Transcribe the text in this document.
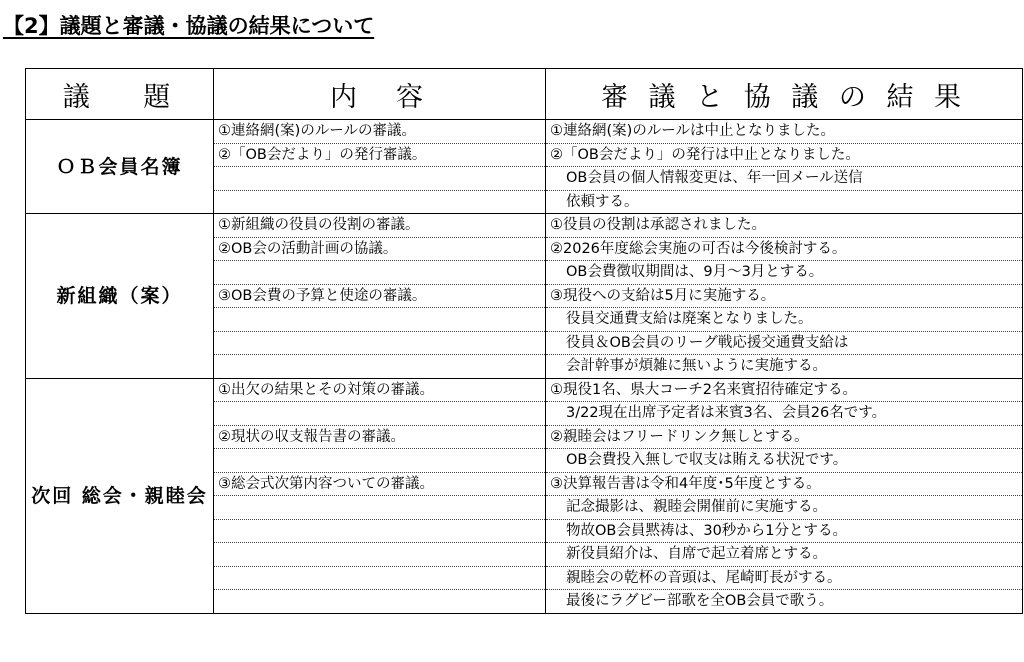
【2】議題と審議・協議の結果について
議　 題	内　容	審 議 と 協 議 の 結 果
ＯＢ会員名簿	①連絡網(案)のルールの審議。	①連絡網(案)のルールは中止となりました。
	②「OB会だより」の発行審議。	②「OB会だより」の発行は中止となりました。
		OB会員の個人情報変更は、年一回メール送信
		依頼する。
新組織（案）	①新組織の役員の役割の審議。	①役員の役割は承認されました。
	②OB会の活動計画の協議。	②2026年度総会実施の可否は今後検討する。
		OB会費徴収期間は、9月～3月とする。
	③OB会費の予算と使途の審議。	③現役への支給は5月に実施する。
		役員交通費支給は廃案となりました。
		役員＆OB会員のリーグ戦応援交通費支給は
		会計幹事が煩雑に無いように実施する。
次回 総会・親睦会	①出欠の結果とその対策の審議。	①現役1名、県大コーチ2名来賓招待確定する。
		3/22現在出席予定者は来賓3名、会員26名です。
	②現状の収支報告書の審議。	②親睦会はフリードリンク無しとする。
		OB会費投入無しで収支は賄える状況です。
	③総会式次第内容ついての審議。	③決算報告書は令和4年度･5年度とする。
		記念撮影は、親睦会開催前に実施する。
		物故OB会員黙祷は、30秒から1分とする。
		新役員紹介は、自席で起立着席とする。
		親睦会の乾杯の音頭は、尾崎町長がする。
		最後にラグビー部歌を全OB会員で歌う。
